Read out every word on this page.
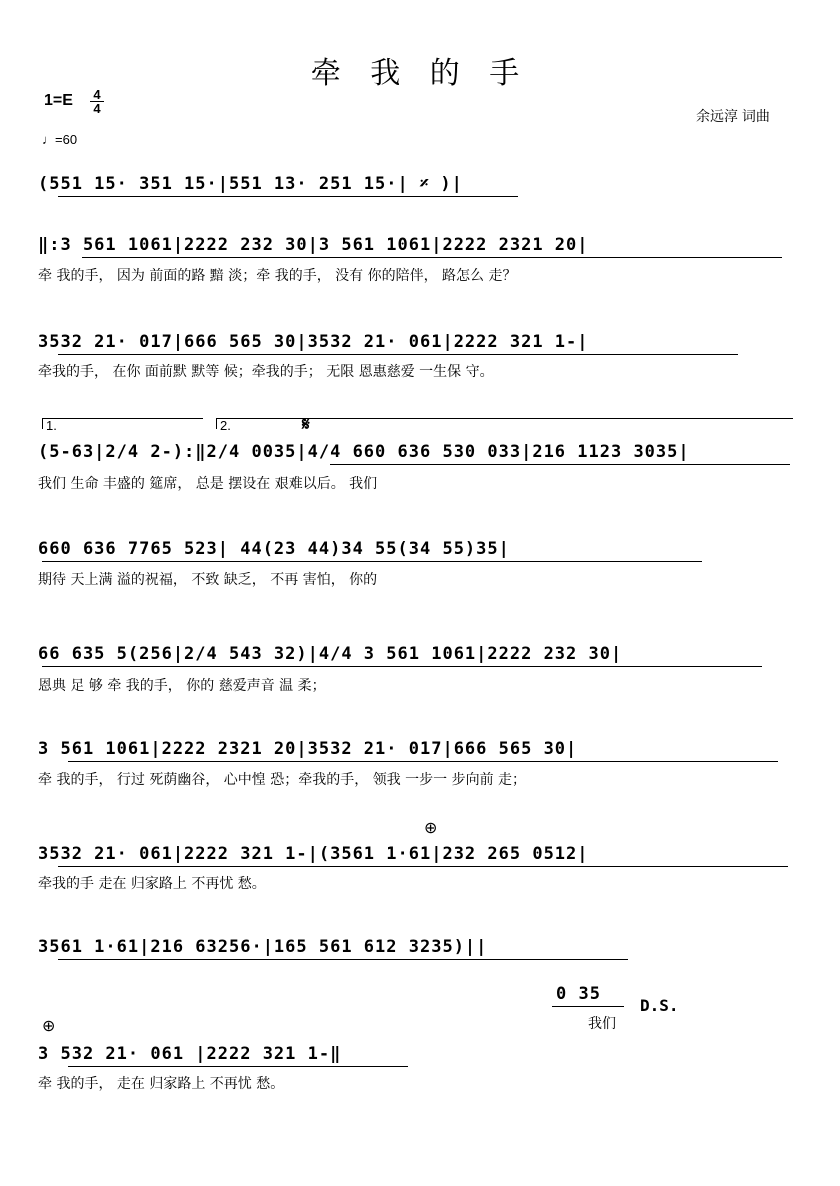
牵 我 的 手
1=E 4
4
♩=60
余远淳 词曲
(551 15· 351 15·|551 13· 251 15·| 𝄎 )|
‖:3 561 1061|2222 232 30|3 561 1061|2222 2321 20|
牵 我的手， 因为 前面的路 黯 淡；牵 我的手， 没有 你的陪伴， 路怎么 走？
3532 21· 017|666 565 30|3532 21· 061|2222 321 1-|
牵我的手， 在你 面前默 默等 候；牵我的手； 无限 恩惠慈爱 一生保 守。
1.	2.	𝄋
(5-63|2/4 2-):‖2/4 0035|4/4 660 636 530 033|216 1123 3035|
我们 生命 丰盛的 筵席， 总是 摆设在 艰难以后。 我们
660 636 7765 523| 44(23 44)34 55(34 55)35|
期待 天上满 溢的祝福， 不致 缺乏， 不再 害怕， 你的
66 635 5(256|2/4 543 32)|4/4 3 561 1061|2222 232 30|
恩典 足 够 牵 我的手， 你的 慈爱声音 温 柔；
3 561 1061|2222 2321 20|3532 21· 017|666 565 30|
牵 我的手， 行过 死荫幽谷， 心中惶 恐；牵我的手， 领我 一步一 步向前 走；
⊕
3532 21· 061|2222 321 1-|(3561 1·61|232 265 0512|
牵我的手 走在 归家路上 不再忧 愁。
3561 1·61|216 63256·|165 561 612 3235)||
0 35
D.S.
我们
⊕
3 532 21· 061 |2222 321 1-‖
牵 我的手， 走在 归家路上 不再忧 愁。
